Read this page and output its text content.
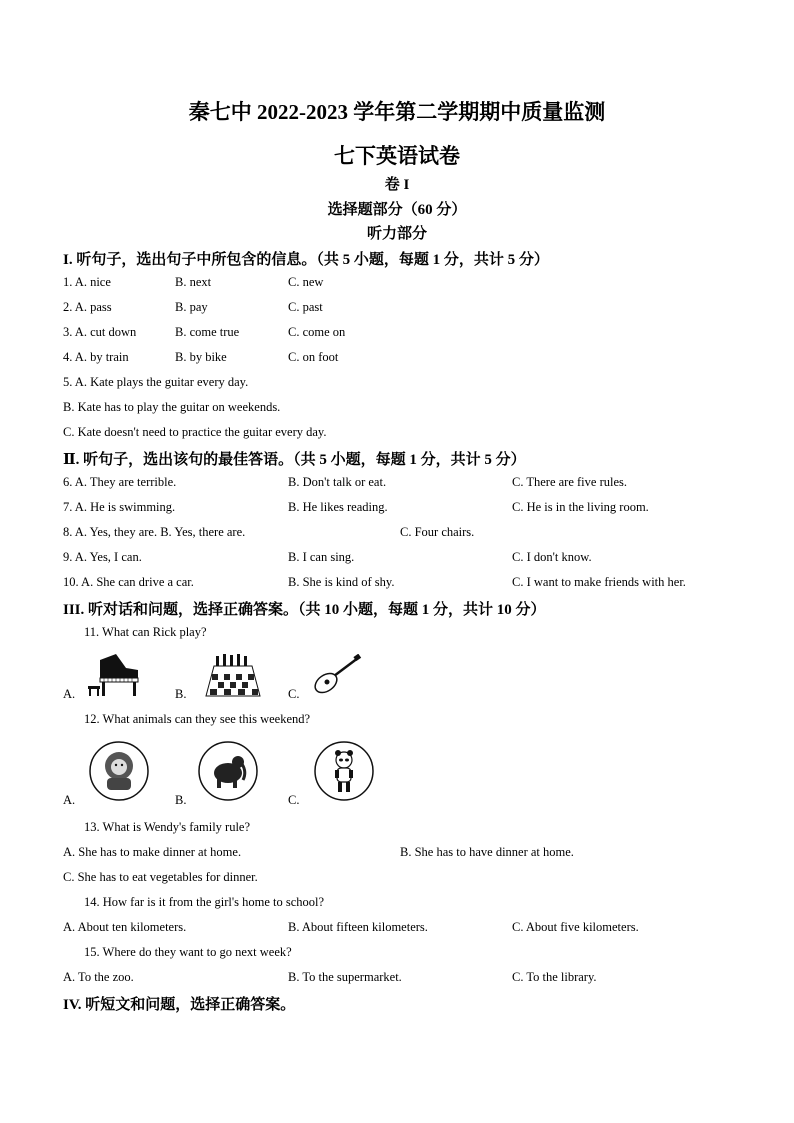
秦七中 2022-2023 学年第二学期期中质量监测
七下英语试卷
卷 I
选择题部分（60 分）
听力部分
I. 听句子，选出句子中所包含的信息。（共 5 小题，每题 1 分，共计 5 分）
1. A. nice	B. next	C. new
2. A. pass	B. pay	C. past
3. A. cut down	B. come true	C. come on
4. A. by train	B. by bike	C. on foot
5. A. Kate plays the guitar every day.
B. Kate has to play the guitar on weekends.
C. Kate doesn't need to practice the guitar every day.
Ⅱ. 听句子，选出该句的最佳答语。（共 5 小题，每题 1 分，共计 5 分）
6. A. They are terrible.	B. Don't talk or eat.	C. There are five rules.
7. A. He is swimming.	B. He likes reading.	C. He is in the living room.
8. A. Yes, they are. B. Yes, there are.	C. Four chairs.
9. A. Yes, I can.	B. I can sing.	C. I don't know.
10. A. She can drive a car.	B. She is kind of shy.	C. I want to make friends with her.
III. 听对话和问题，选择正确答案。（共 10 小题，每题 1 分，共计 10 分）
11. What can Rick play?
A.	B.	C.
12. What animals can they see this weekend?
A.	B.	C.
13. What is Wendy's family rule?
A. She has to make dinner at home.	B. She has to have dinner at home.
C. She has to eat vegetables for dinner.
14. How far is it from the girl's home to school?
A. About ten kilometers.	B. About fifteen kilometers.	C. About five kilometers.
15. Where do they want to go next week?
A. To the zoo.	B. To the supermarket.	C. To the library.
IV. 听短文和问题，选择正确答案。
